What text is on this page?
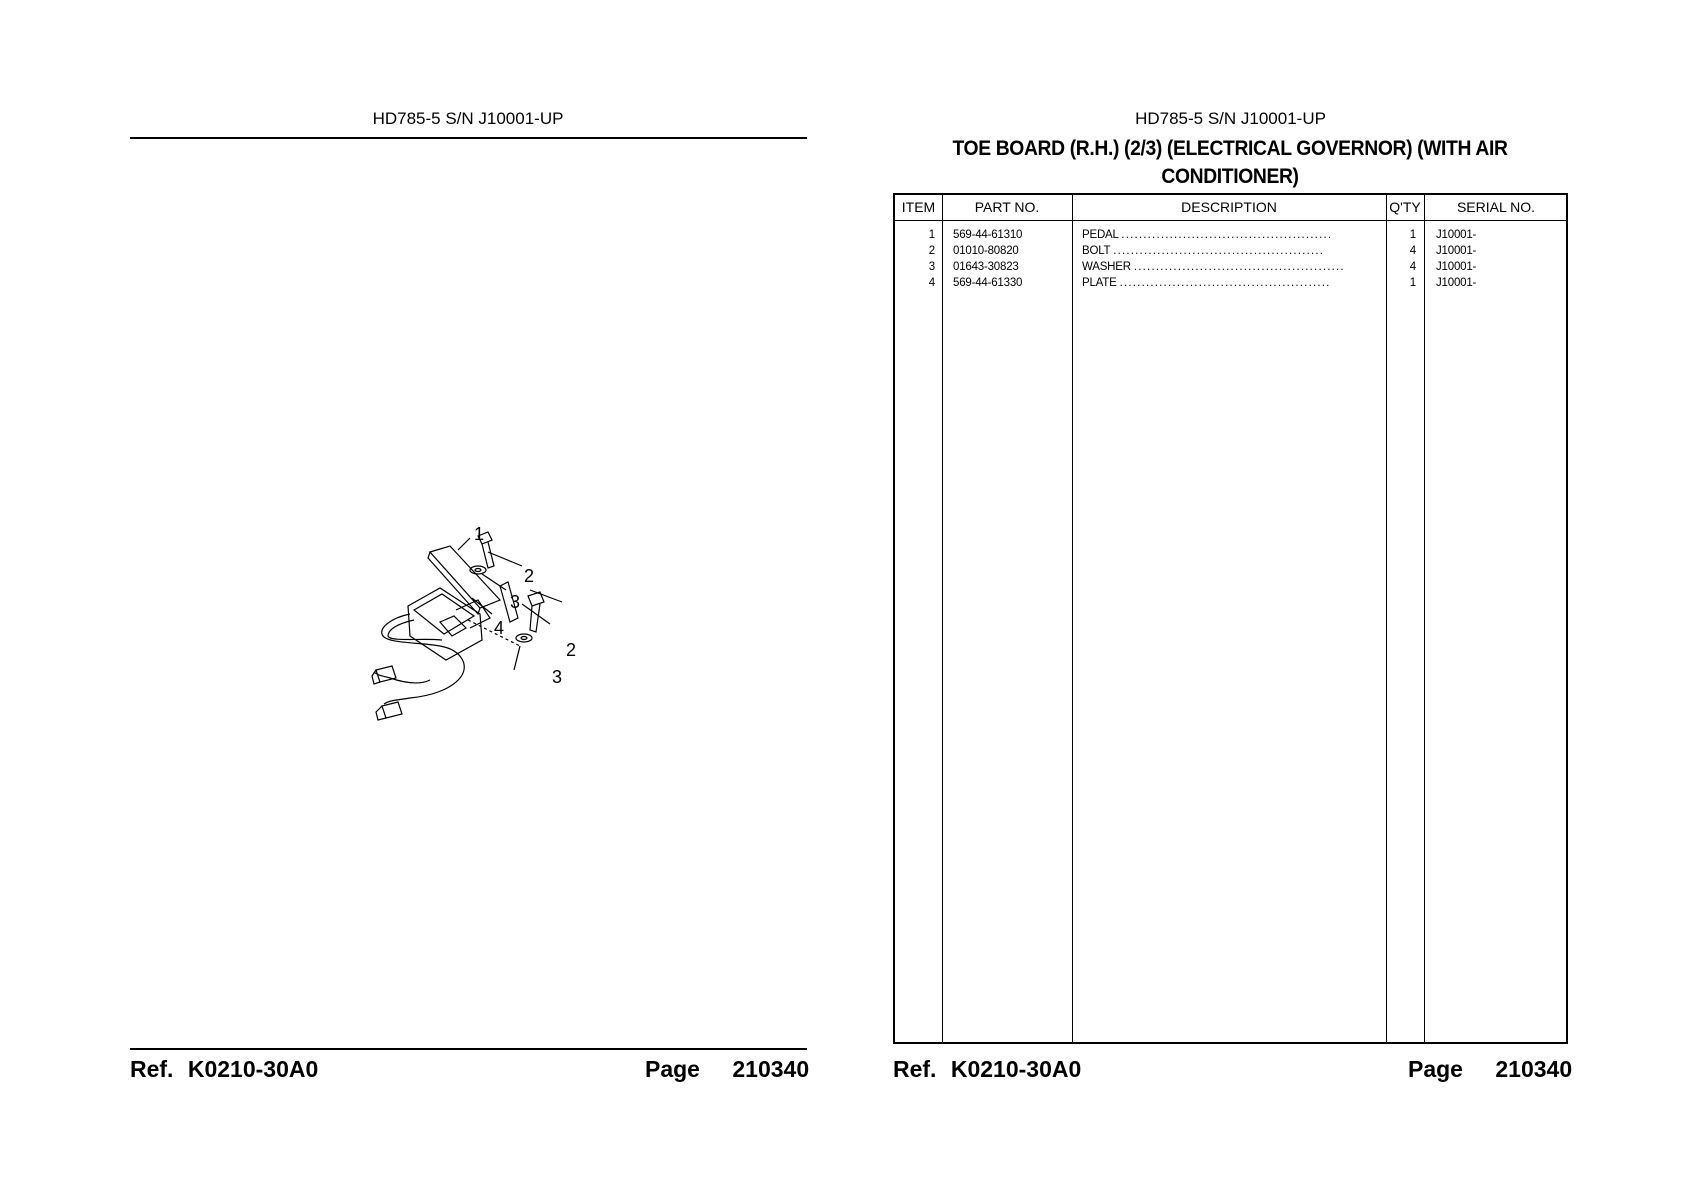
HD785-5 S/N J10001-UP
1
2
3
4
2
3
Ref. K0210-30A0	Page 210340
HD785-5 S/N J10001-UP
TOE BOARD (R.H.) (2/3) (ELECTRICAL GOVERNOR) (WITH AIR
CONDITIONER)
ITEM	PART NO.	DESCRIPTION	Q'TY	SERIAL NO.
1 569-44-61310	PEDAL ................................................	1 J10001-
2 01010-80820	BOLT ................................................	4 J10001-
3 01643-30823	WASHER ................................................	4 J10001-
4 569-44-61330	PLATE ................................................	1 J10001-
Ref. K0210-30A0	Page 210340
